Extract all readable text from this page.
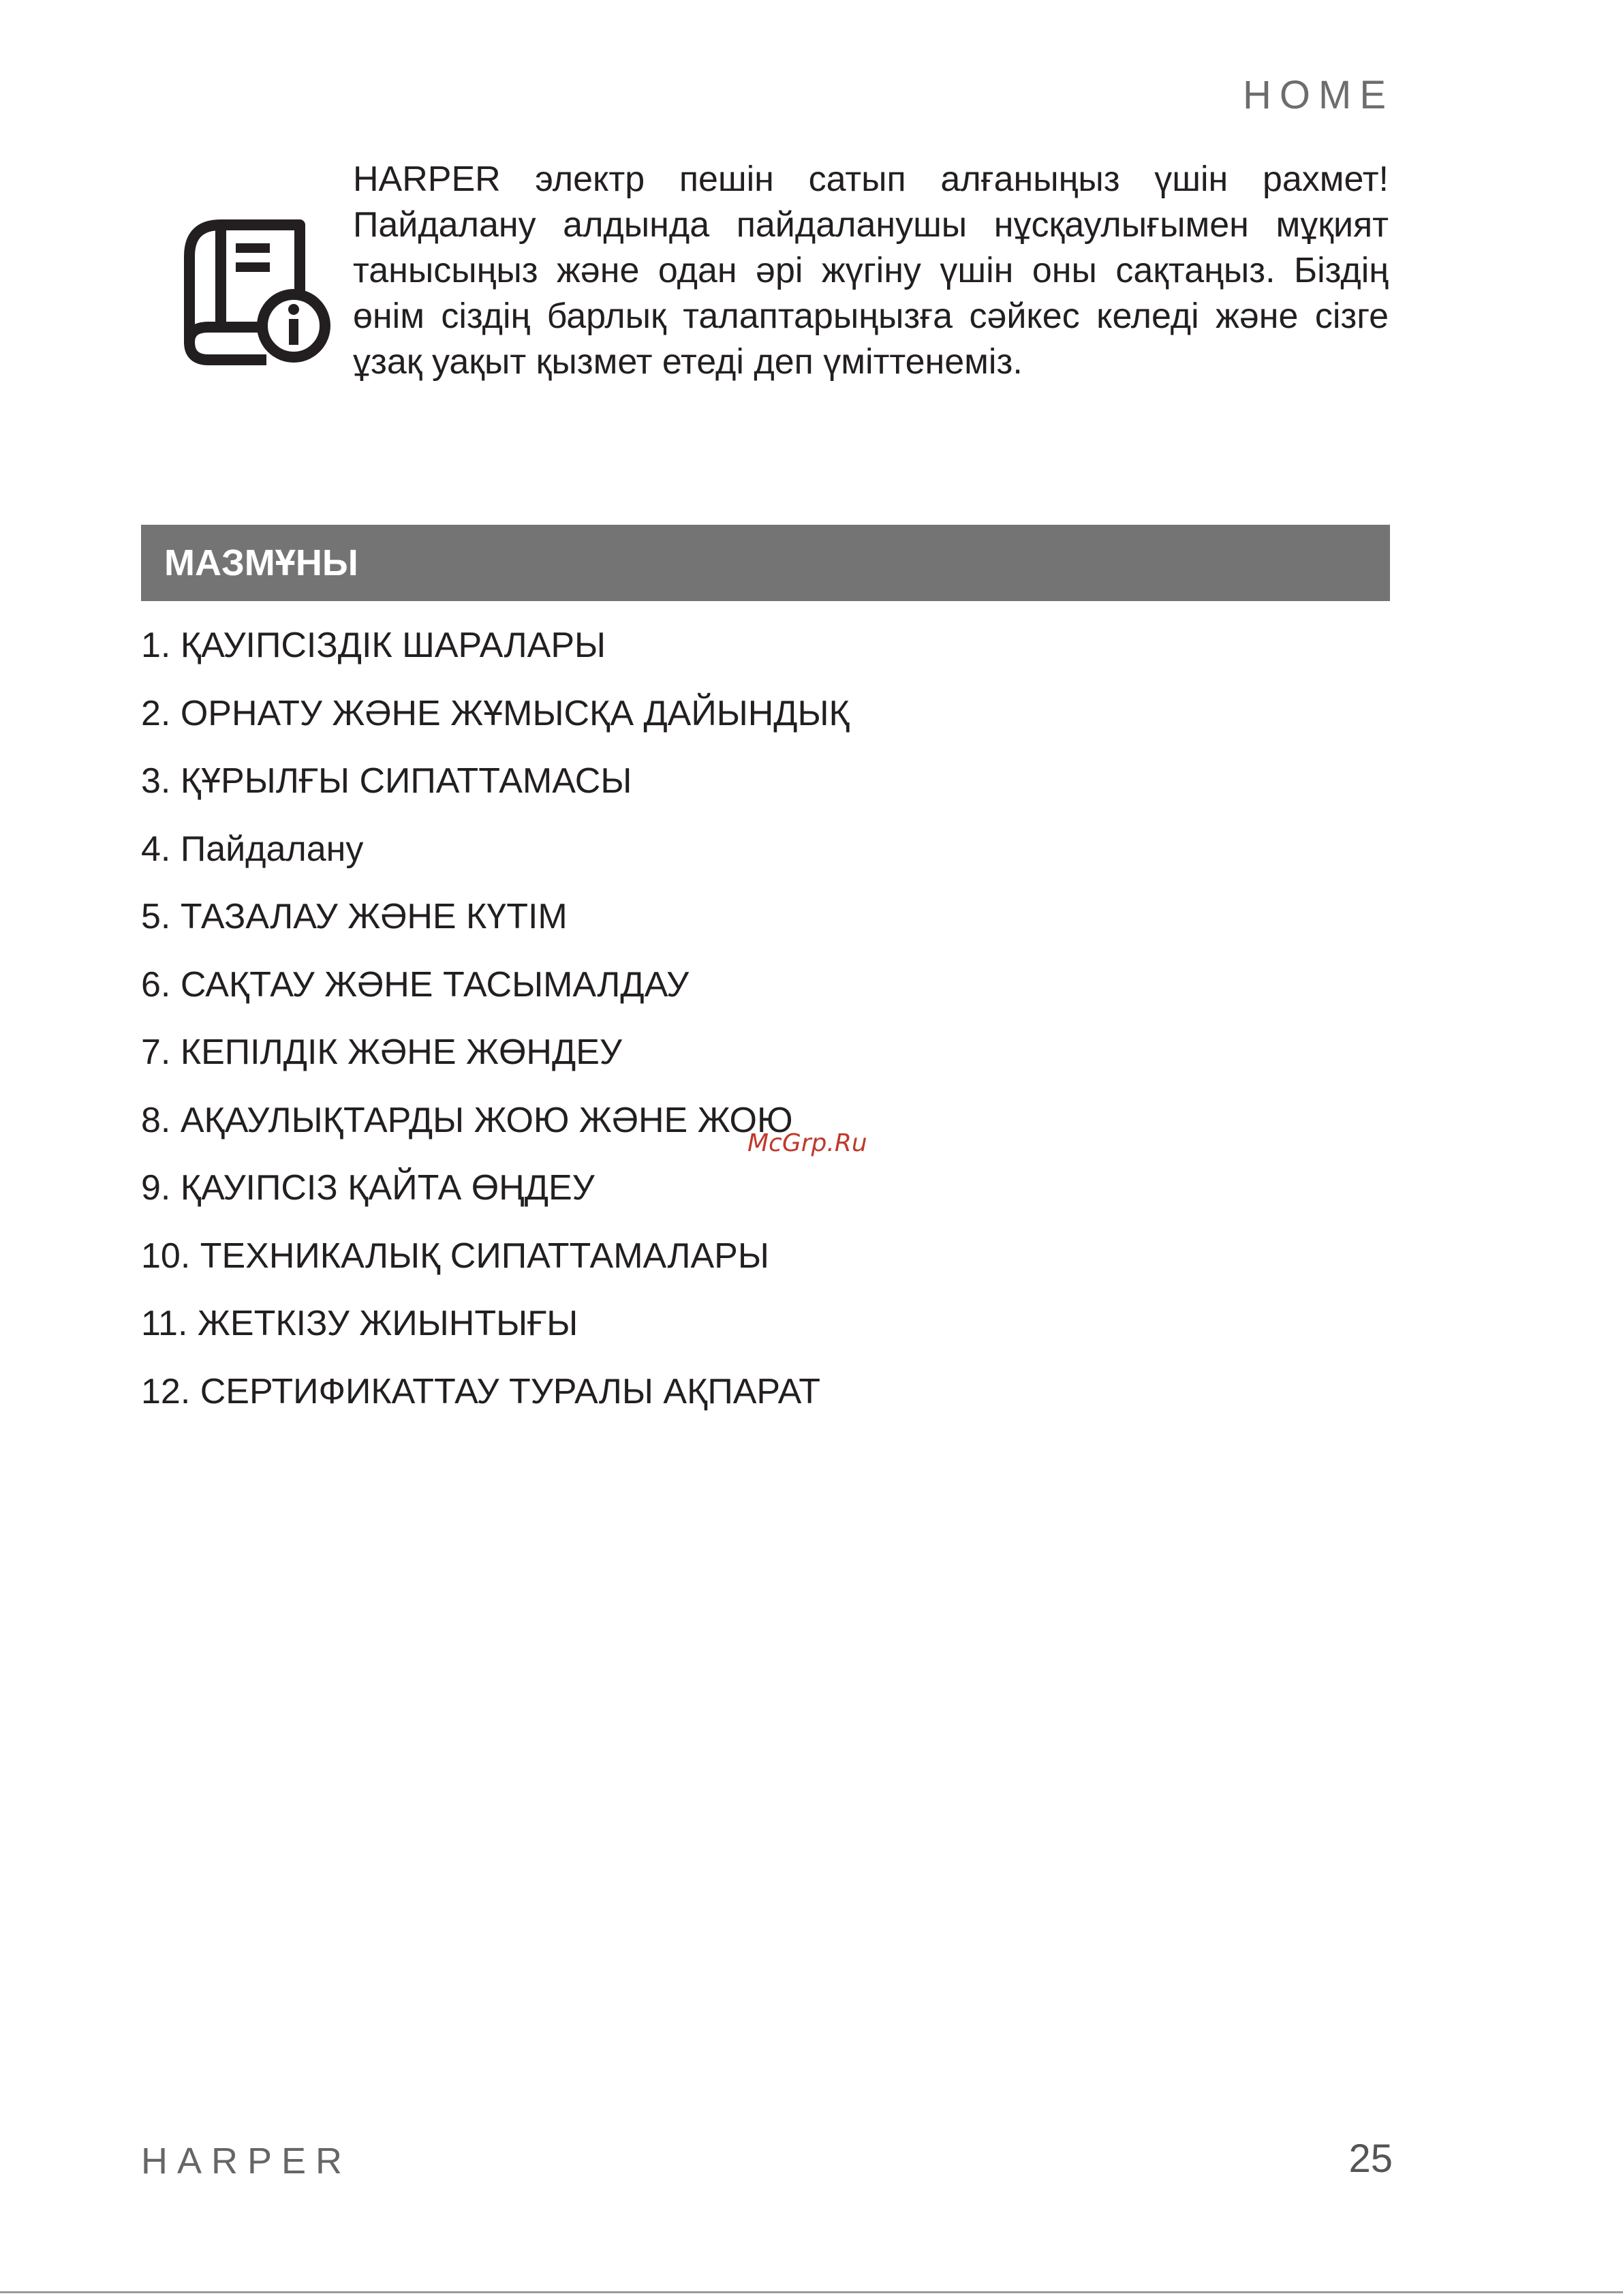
HOME
HARPER электр пешін сатып алғаныңыз үшін рахмет! Пайдалану алдында пайдаланушы нұсқаулығымен мұқият танысыңыз және одан әрі жүгіну үшін оны сақтаңыз. Біздің өнім сіздің барлық талаптарыңызға сәйкес келеді және сізге ұзақ уақыт қызмет етеді деп үміттенеміз.
МАЗМҰНЫ
1. ҚАУІПСІЗДІК ШАРАЛАРЫ
2. ОРНАТУ ЖӘНЕ ЖҰМЫСҚА ДАЙЫНДЫҚ
3. ҚҰРЫЛҒЫ СИПАТТАМАСЫ
4. Пайдалану
5. ТАЗАЛАУ ЖӘНЕ КҮТІМ
6. САҚТАУ ЖӘНЕ ТАСЫМАЛДАУ
7. КЕПІЛДІК ЖӘНЕ ЖӨНДЕУ
8. АҚАУЛЫҚТАРДЫ ЖОЮ ЖӘНЕ ЖОЮ
9. ҚАУІПСІЗ ҚАЙТА ӨҢДЕУ
10. ТЕХНИКАЛЫҚ СИПАТТАМАЛАРЫ
11. ЖЕТКІЗУ ЖИЫНТЫҒЫ
12. СЕРТИФИКАТТАУ ТУРАЛЫ АҚПАРАТ
McGrp.Ru
HARPER	25
